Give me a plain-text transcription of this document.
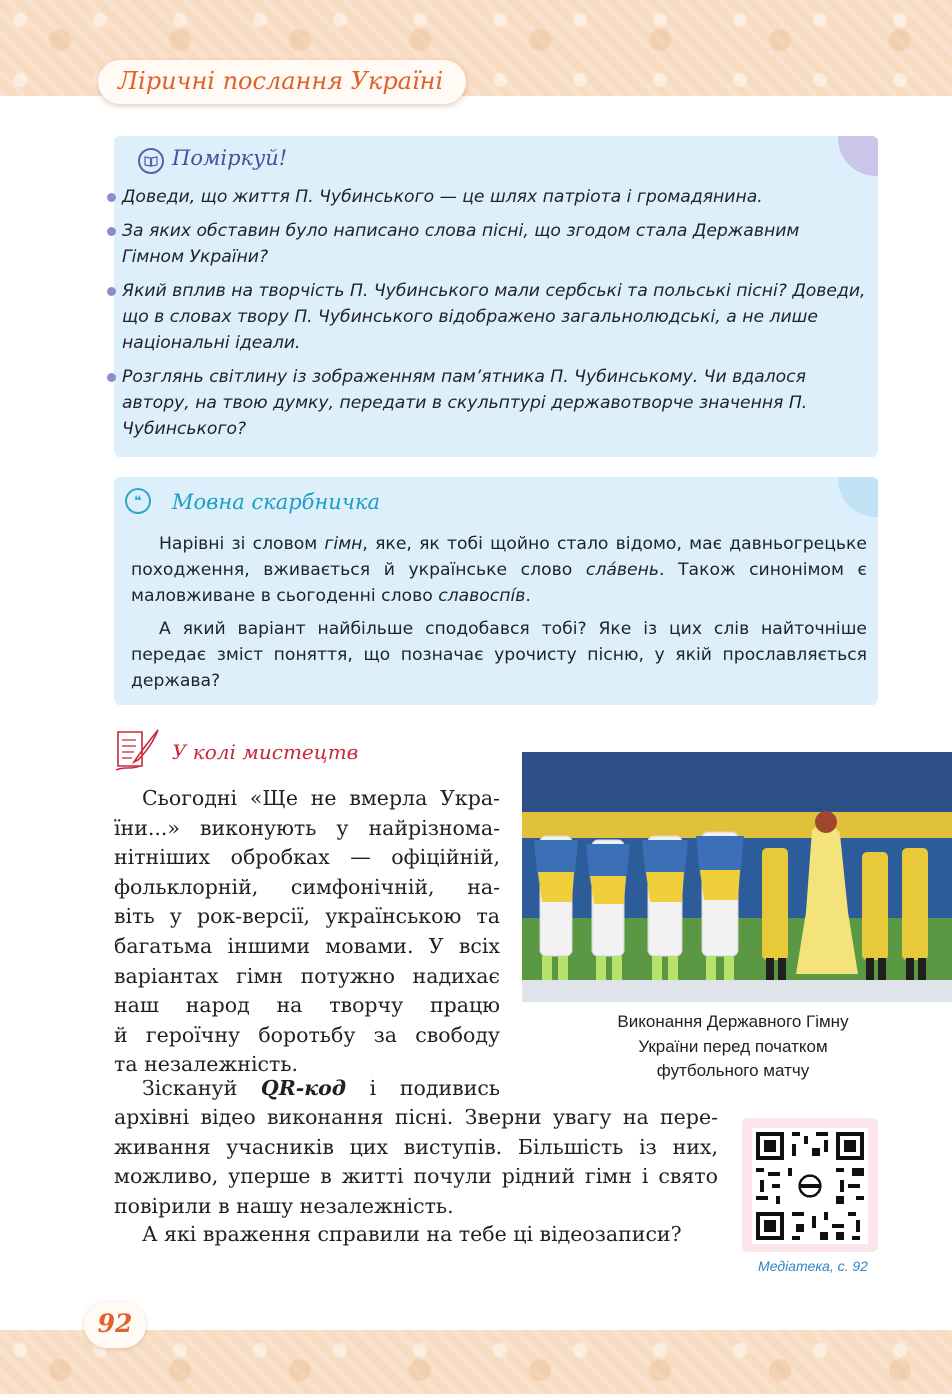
Ліричні послання Україні
Поміркуй!
Доведи, що життя П. Чубинського — це шлях патріота і громадянина.
За яких обставин було написано слова пісні, що згодом стала Державним Гімном України?
Який вплив на творчість П. Чубинського мали сербські та польські пісні? Доведи, що в словах твору П. Чубинського відображено загальнолюдські, а не лише національні ідеали.
Розглянь світлину із зображенням пам’ятника П. Чубинському. Чи вдалося автору, на твою думку, передати в скульптурі державотворче значення П. Чубинського?
❝	Мовна скарбничка

Нарівні зі словом гімн, яке, як тобі щойно стало відомо, має давньогрецьке походження, вживається й українське слово сла́вень. Також синонімом є маловживане в сьогоденні слово славоспі́в.

А який варіант найбільше сподобався тобі? Яке із цих слів найточніше передає зміст поняття, що позначає урочисту пісню, у якій прославляється держава?

У колі мистецтв
Сьогодні «Ще не вмерла Укра-
їни...» виконують у найрізнома-
нітніших обробках — офіційній,
фольклорній, симфонічній, на-
віть у рок-версії, українською та
багатьма іншими мовами. У всіх
варіантах гімн потужно надихає
наш народ на творчу працю
й героїчну боротьбу за свободу
та незалежність.
Зіскануй QR-код і подивись
архівні відео виконання пісні. Зверни увагу на пере-
живання учасників цих виступів. Більшість із них,
можливо, уперше в житті почули рідний гімн і свято
повірили в нашу незалежність.
А які враження справили на тебе ці відеозаписи?
Виконання Державного Гімну
України перед початком
футбольного матчу
Медіатека, с. 92
92
